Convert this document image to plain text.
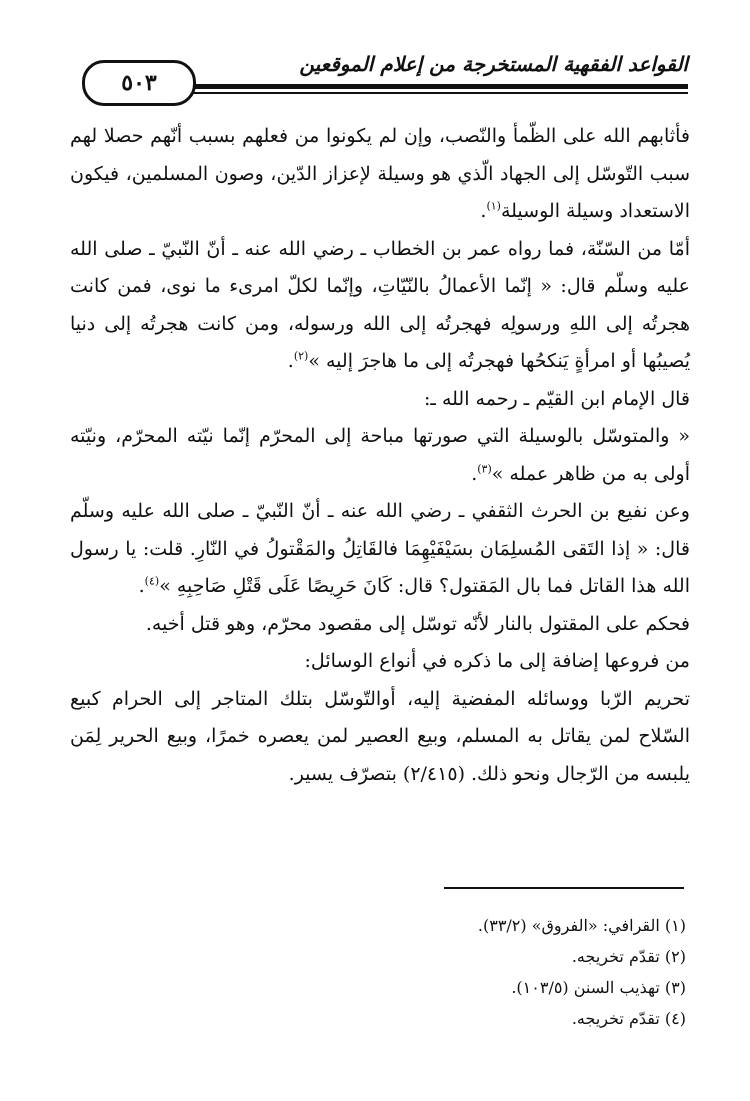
القواعد الفقهية المستخرجة من إعلام الموقعين
٥٠٣

فأثابهم الله على الظّمأ والنّصب، وإن لم يكونوا من فعلهم بسبب أنّهم حصلا لهم سبب التّوسّل إلى الجهاد الّذي هو وسيلة لإعزاز الدّين، وصون المسلمين، فيكون الاستعداد وسيلة الوسيلة$^{(١)}$.

أمّا من السّنّة، فما رواه عمر بن الخطاب ـ رضي الله عنه ـ أنّ النّبيّ ـ صلى الله عليه وسلّم قال: « إنّما الأعمالُ بالنّيّاتِ، وإنّما لكلّ امرىء ما نوى، فمن كانت هجرتُه إلى اللهِ ورسولِه فهجرتُه إلى الله ورسوله، ومن كانت هجرتُه إلى دنيا يُصيبُها أو امرأةٍ يَنكحُها فهجرتُه إلى ما هاجرَ إليه »$^{(٢)}$.

قال الإمام ابن القيّم ـ رحمه الله ـ:

« والمتوسّل بالوسيلة التي صورتها مباحة إلى المحرّم إنّما نيّته المحرّم، ونيّته أولى به من ظاهر عمله »$^{(٣)}$.

وعن نفيع بن الحرث الثقفي ـ رضي الله عنه ـ أنّ النّبيّ ـ صلى الله عليه وسلّم قال: « إذا التَقى المُسلِمَان بسَيْفَيْهِمَا فالقَاتِلُ والمَقْتولُ في النّارِ. قلت: يا رسول الله هذا القاتل فما بال المَقتول؟ قال: كَانَ حَرِيصًا عَلَى قَتْلِ صَاحِبِهِ »$^{(٤)}$.

فحكم على المقتول بالنار لأنّه توسّل إلى مقصود محرّم، وهو قتل أخيه.

من فروعها إضافة إلى ما ذكره في أنواع الوسائل:

تحريم الرّبا ووسائله المفضية إليه، أوالتّوسّل بتلك المتاجر إلى الحرام كبيع السّلاح لمن يقاتل به المسلم، وبيع العصير لمن يعصره خمرًا، وبيع الحرير لِمَن يلبسه من الرّجال ونحو ذلك. (٢/٤١٥) بتصرّف يسير.

(١) القرافي: «الفروق» (٣٣/٢).

(٢) تقدّم تخريجه.

(٣) تهذيب السنن (١٠٣/٥).

(٤) تقدّم تخريجه.
